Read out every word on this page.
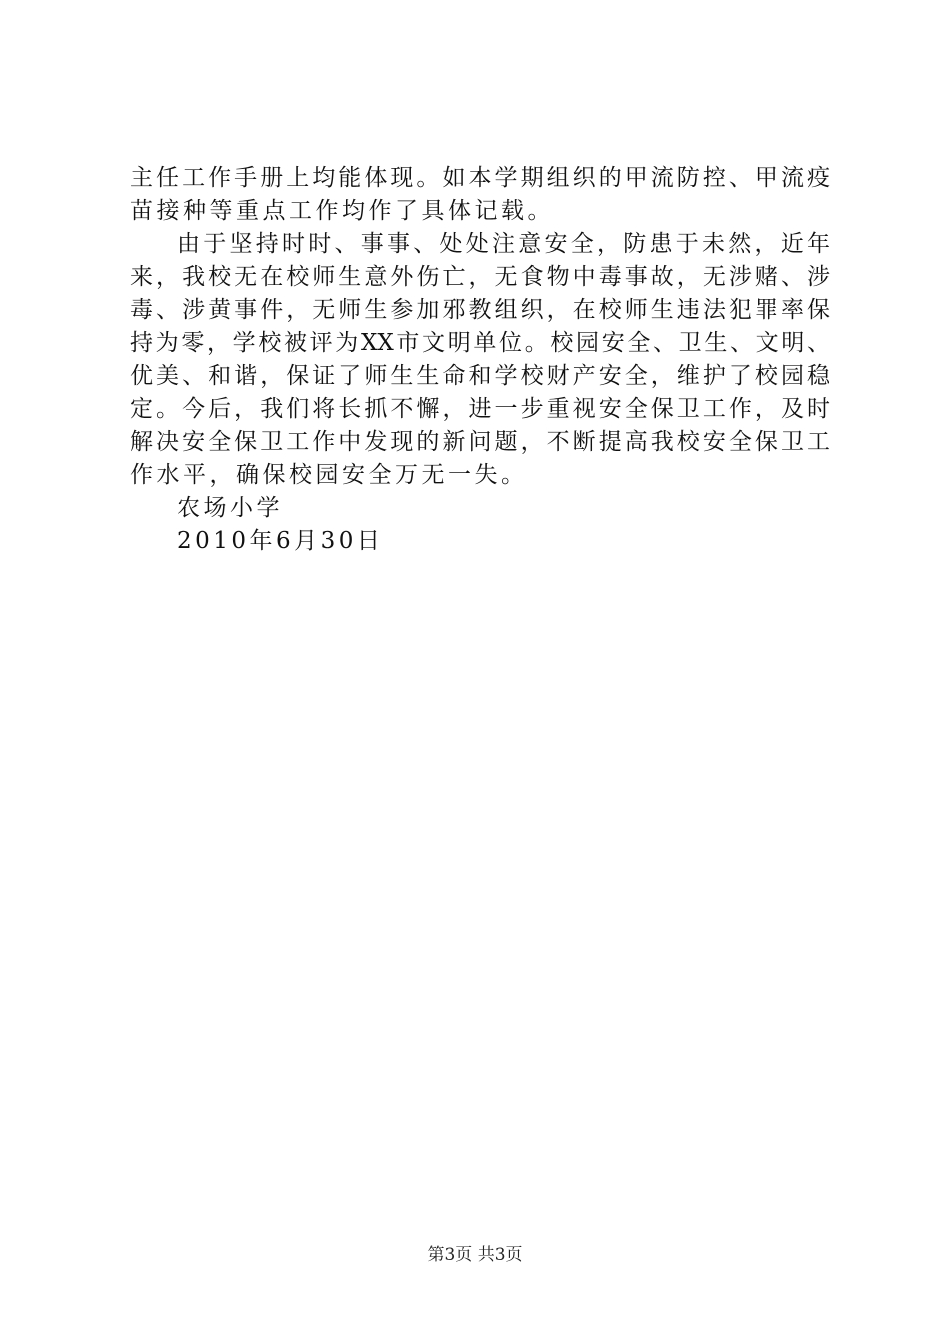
主任工作手册上均能体现。如本学期组织的甲流防控、甲流疫
苗接种等重点工作均作了具体记载。
由于坚持时时、事事、处处注意安全，防患于未然，近年
来，我校无在校师生意外伤亡，无食物中毒事故，无涉赌、涉
毒、涉黄事件，无师生参加邪教组织，在校师生违法犯罪率保
持为零，学校被评为XX市文明单位。校园安全、卫生、文明、
优美、和谐，保证了师生生命和学校财产安全，维护了校园稳
定。今后，我们将长抓不懈，进一步重视安全保卫工作，及时
解决安全保卫工作中发现的新问题，不断提高我校安全保卫工
作水平，确保校园安全万无一失。
农场小学
2010年6月30日
第3页 共3页
